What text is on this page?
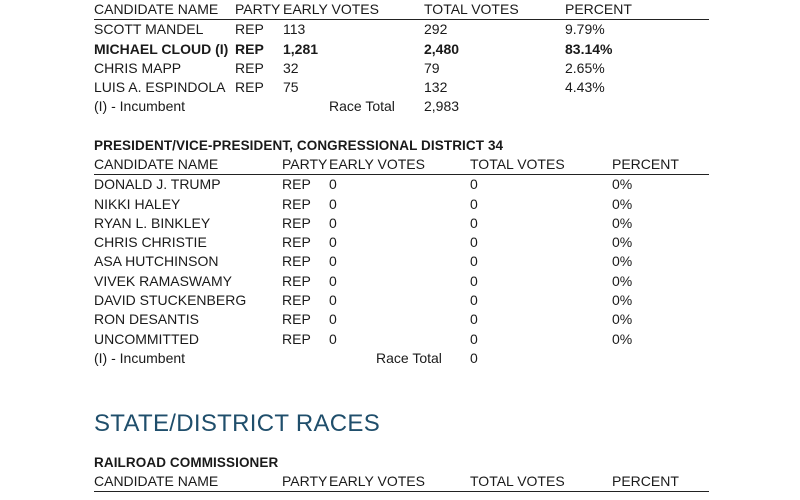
CANDIDATE NAME PARTY EARLY VOTES	TOTAL VOTES	PERCENT
SCOTT MANDEL REP 113	292	9.79%
MICHAEL CLOUD (I) REP 1,281	2,480	83.14%
CHRIS MAPP	REP 32	79	2.65%
LUIS A. ESPINDOLA REP 75	132	4.43%
(I) - Incumbent	Race Total 2,983
PRESIDENT/VICE-PRESIDENT, CONGRESSIONAL DISTRICT 34
CANDIDATE NAME	PARTY EARLY VOTES	TOTAL VOTES	PERCENT
DONALD J. TRUMP	REP 0	0	0%
NIKKI HALEY	REP 0	0	0%
RYAN L. BINKLEY	REP 0	0	0%
CHRIS CHRISTIE	REP 0	0	0%
ASA HUTCHINSON	REP 0	0	0%
VIVEK RAMASWAMY	REP 0	0	0%
DAVID STUCKENBERG	REP 0	0	0%
RON DESANTIS	REP 0	0	0%
UNCOMMITTED	REP 0	0	0%
(I) - Incumbent	Race Total 0
STATE/DISTRICT RACES
RAILROAD COMMISSIONER
CANDIDATE NAME	PARTY EARLY VOTES	TOTAL VOTES	PERCENT
